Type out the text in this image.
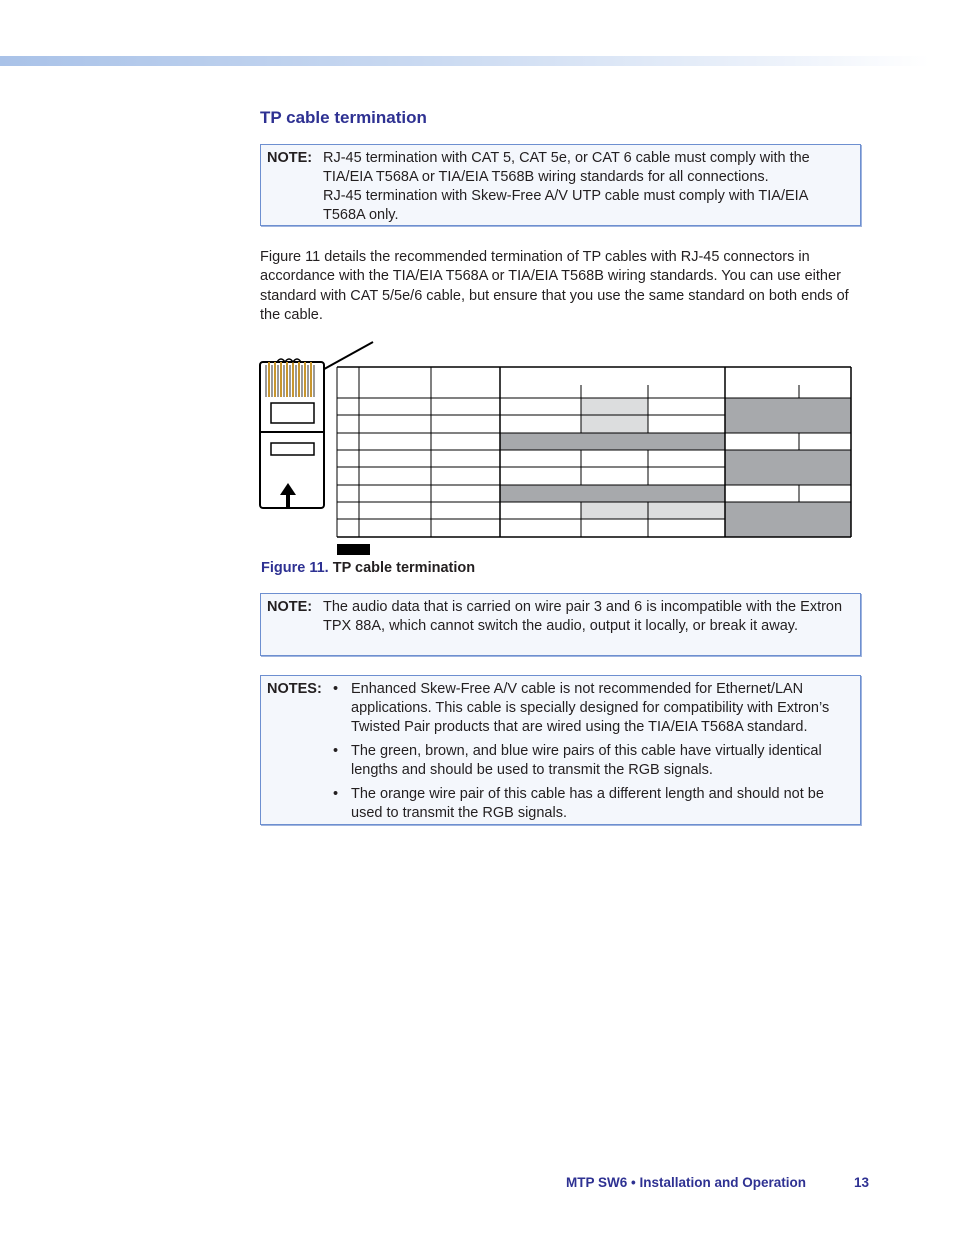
TP cable termination
NOTE: RJ-45 termination with CAT 5, CAT 5e, or CAT 6 cable must comply with the TIA/EIA T568A or TIA/EIA T568B wiring standards for all connections.
RJ-45 termination with Skew-Free A/V UTP cable must comply with TIA/EIA T568A only.

Figure 11 details the recommended termination of TP cables with RJ-45 connectors in accordance with the TIA/EIA T568A or TIA/EIA T568B wiring standards. You can use either standard with CAT 5/5e/6 cable, but ensure that you use the same standard on both ends of the cable.

Figure 11. TP cable termination
NOTE: The audio data that is carried on wire pair 3 and 6 is incompatible with the Extron TPX 88A, which cannot switch the audio, output it locally, or break it away.
NOTES: • Enhanced Skew-Free A/V cable is not recommended for Ethernet/LAN applications. This cable is specially designed for compatibility with Extron’s Twisted Pair products that are wired using the TIA/EIA T568A standard.
• The green, brown, and blue wire pairs of this cable have virtually identical lengths and should be used to transmit the RGB signals.
• The orange wire pair of this cable has a different length and should not be used to transmit the RGB signals.
MTP SW6 • Installation and Operation	13
